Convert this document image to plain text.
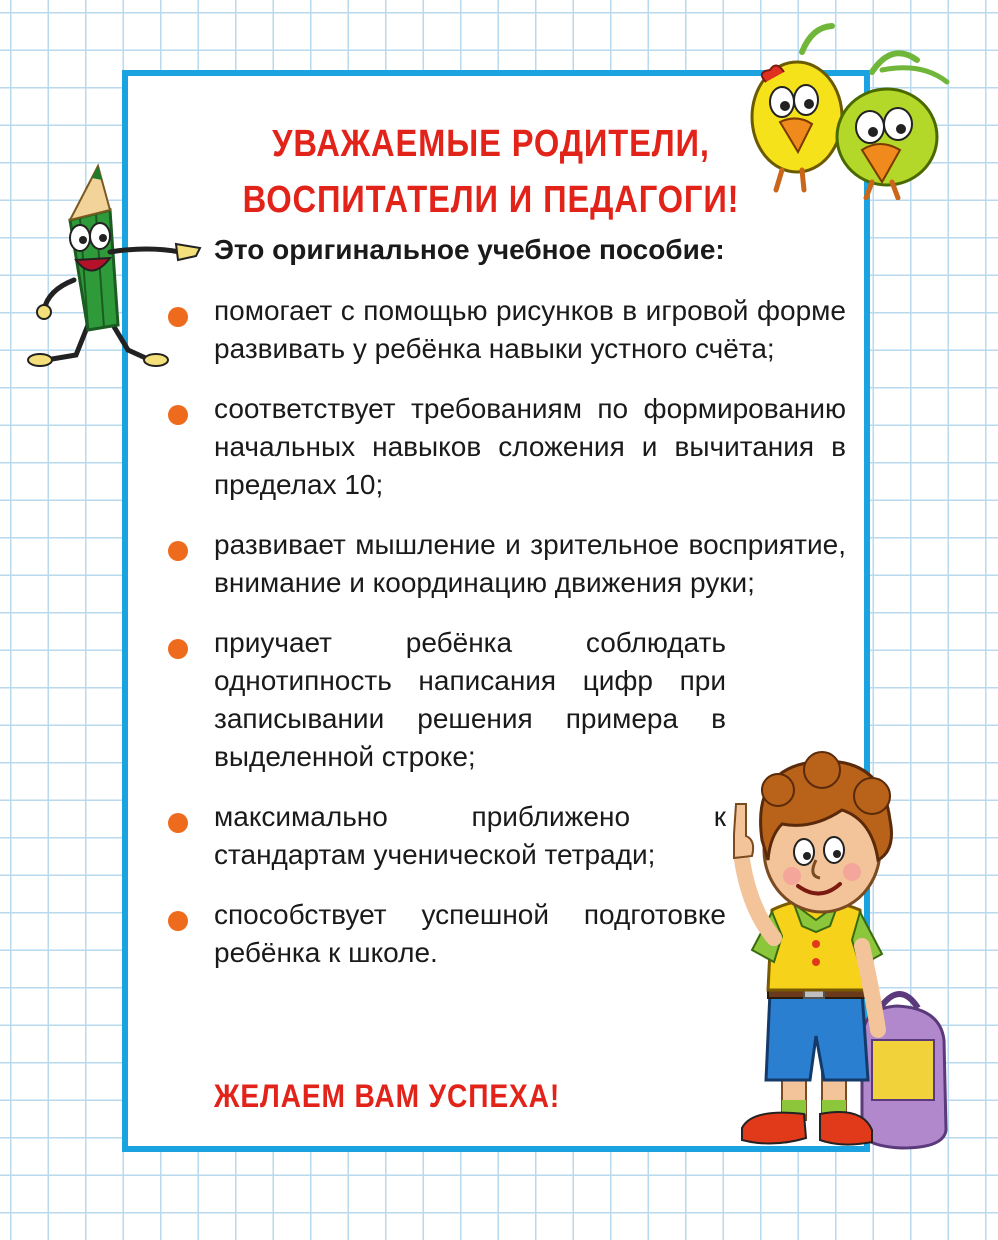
УВАЖАЕМЫЕ РОДИТЕЛИ,
ВОСПИТАТЕЛИ И ПЕДАГОГИ!

Это оригинальное учебное пособие:

помогает с помощью рисунков в игровой форме развивать у ребёнка навыки устного счёта;
соответствует требованиям по формированию начальных навыков сложения и вычитания в пределах 10;
развивает мышление и зрительное восприятие, внимание и координацию движения руки;
приучает ребёнка соблюдать однотипность написания цифр при записывании решения примера в выделенной строке;
максимально приближено к стандартам ученической тетради;
способствует успешной подготовке ребёнка к школе.

ЖЕЛАЕМ ВАМ УСПЕХА!
